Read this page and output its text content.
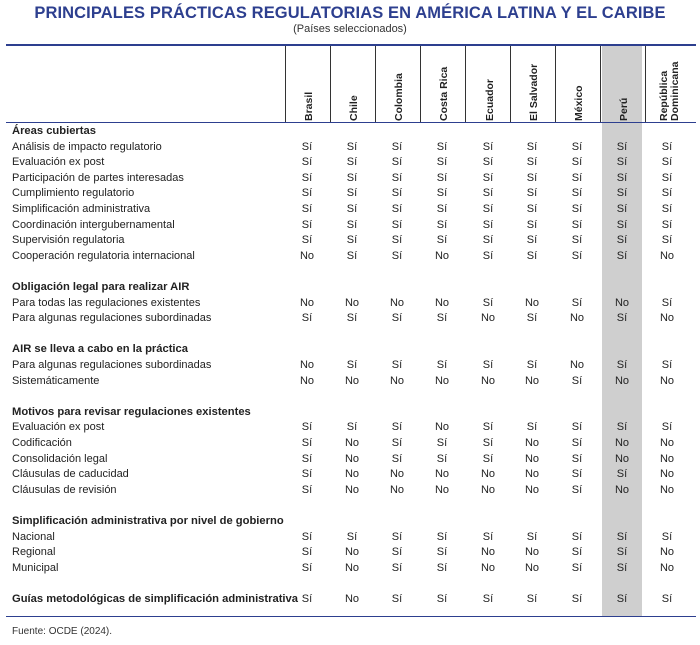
PRINCIPALES PRÁCTICAS REGULATORIAS EN AMÉRICA LATINA Y EL CARIBE
(Países seleccionados)
Brasil	Chile	Colombia	Costa Rica	Ecuador	El Salvador	México	Perú	República Dominicana
Áreas cubiertas
Análisis de impacto regulatorio	Sí	Sí	Sí	Sí	Sí	Sí	Sí	Sí	Sí
Evaluación ex post	Sí	Sí	Sí	Sí	Sí	Sí	Sí	Sí	Sí
Participación de partes interesadas	Sí	Sí	Sí	Sí	Sí	Sí	Sí	Sí	Sí
Cumplimiento regulatorio	Sí	Sí	Sí	Sí	Sí	Sí	Sí	Sí	Sí
Simplificación administrativa	Sí	Sí	Sí	Sí	Sí	Sí	Sí	Sí	Sí
Coordinación intergubernamental	Sí	Sí	Sí	Sí	Sí	Sí	Sí	Sí	Sí
Supervisión regulatoria	Sí	Sí	Sí	Sí	Sí	Sí	Sí	Sí	Sí
Cooperación regulatoria internacional	No	Sí	Sí	No	Sí	Sí	Sí	Sí	No
Obligación legal para realizar AIR
Para todas las regulaciones existentes	No	No	No	No	Sí	No	Sí	No	Sí
Para algunas regulaciones subordinadas	Sí	Sí	Sí	Sí	No	Sí	No	Sí	No
AIR se lleva a cabo en la práctica
Para algunas regulaciones subordinadas	No	Sí	Sí	Sí	Sí	Sí	No	Sí	Sí
Sistemáticamente	No	No	No	No	No	No	Sí	No	No
Motivos para revisar regulaciones existentes
Evaluación ex post	Sí	Sí	Sí	No	Sí	Sí	Sí	Sí	Sí
Codificación	Sí	No	Sí	Sí	Sí	No	Sí	No	No
Consolidación legal	Sí	No	Sí	Sí	Sí	No	Sí	No	No
Cláusulas de caducidad	Sí	No	No	No	No	No	Sí	Sí	No
Cláusulas de revisión	Sí	No	No	No	No	No	Sí	No	No
Simplificación administrativa por nivel de gobierno
Nacional	Sí	Sí	Sí	Sí	Sí	Sí	Sí	Sí	Sí
Regional	Sí	No	Sí	Sí	No	No	Sí	Sí	No
Municipal	Sí	No	Sí	Sí	No	No	Sí	Sí	No
Guías metodológicas de simplificación administrativa Sí	No	Sí	Sí	Sí	Sí	Sí	Sí	Sí
Fuente: OCDE (2024).
